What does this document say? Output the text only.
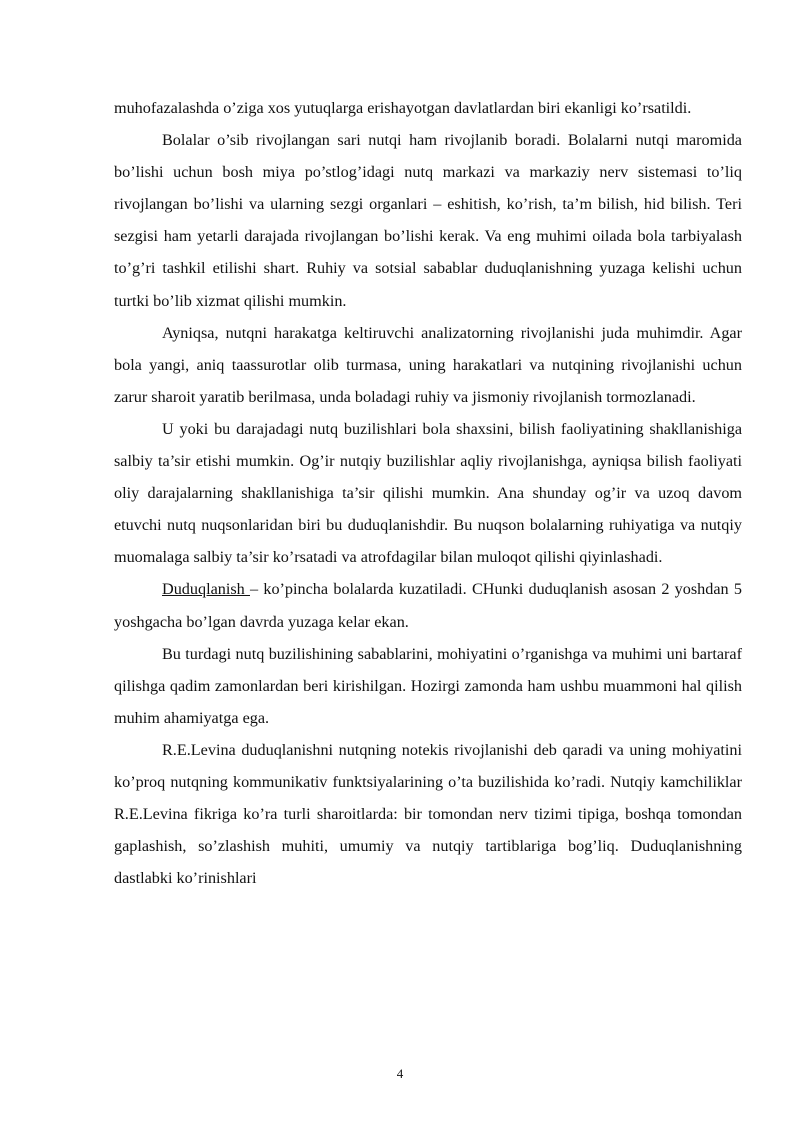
muhofazalashda o’ziga xos yutuqlarga erishayotgan davlatlardan biri ekanligi ko’rsatildi.

Bolalar o’sib rivojlangan sari nutqi ham rivojlanib boradi. Bolalarni nutqi maromida bo’lishi uchun bosh miya po’stlog’idagi nutq markazi va markaziy nerv sistemasi to’liq rivojlangan bo’lishi va ularning sezgi organlari – eshitish, ko’rish, ta’m bilish, hid bilish. Teri sezgisi ham yetarli darajada rivojlangan bo’lishi kerak. Va eng muhimi oilada bola tarbiyalash to’g’ri tashkil etilishi shart. Ruhiy va sotsial sabablar duduqlanishning yuzaga kelishi uchun turtki bo’lib xizmat qilishi mumkin.

Ayniqsa, nutqni harakatga keltiruvchi analizatorning rivojlanishi juda muhimdir. Agar bola yangi, aniq taassurotlar olib turmasa, uning harakatlari va nutqining rivojlanishi uchun zarur sharoit yaratib berilmasa, unda boladagi ruhiy va jismoniy rivojlanish tormozlanadi.

U yoki bu darajadagi nutq buzilishlari bola shaxsini, bilish faoliyatining shakllanishiga salbiy ta’sir etishi mumkin. Og’ir nutqiy buzilishlar aqliy rivojlanishga, ayniqsa bilish faoliyati oliy darajalarning shakllanishiga ta’sir qilishi mumkin. Ana shunday og’ir va uzoq davom etuvchi nutq nuqsonlaridan biri bu duduqlanishdir. Bu nuqson bolalarning ruhiyatiga va nutqiy muomalaga salbiy ta’sir ko’rsatadi va atrofdagilar bilan muloqot qilishi qiyinlashadi.

Duduqlanish – ko’pincha bolalarda kuzatiladi. CHunki duduqlanish asosan 2 yoshdan 5 yoshgacha bo’lgan davrda yuzaga kelar ekan.

Bu turdagi nutq buzilishining sabablarini, mohiyatini o’rganishga va muhimi uni bartaraf qilishga qadim zamonlardan beri kirishilgan. Hozirgi zamonda ham ushbu muammoni hal qilish muhim ahamiyatga ega.

R.E.Levina duduqlanishni nutqning notekis rivojlanishi deb qaradi va uning mohiyatini ko’proq nutqning kommunikativ funktsiyalarining o’ta buzilishida ko’radi. Nutqiy kamchiliklar R.E.Levina fikriga ko’ra turli sharoitlarda: bir tomondan nerv tizimi tipiga, boshqa tomondan gaplashish, so’zlashish muhiti, umumiy va nutqiy tartiblariga bog’liq. Duduqlanishning dastlabki ko’rinishlari

4
